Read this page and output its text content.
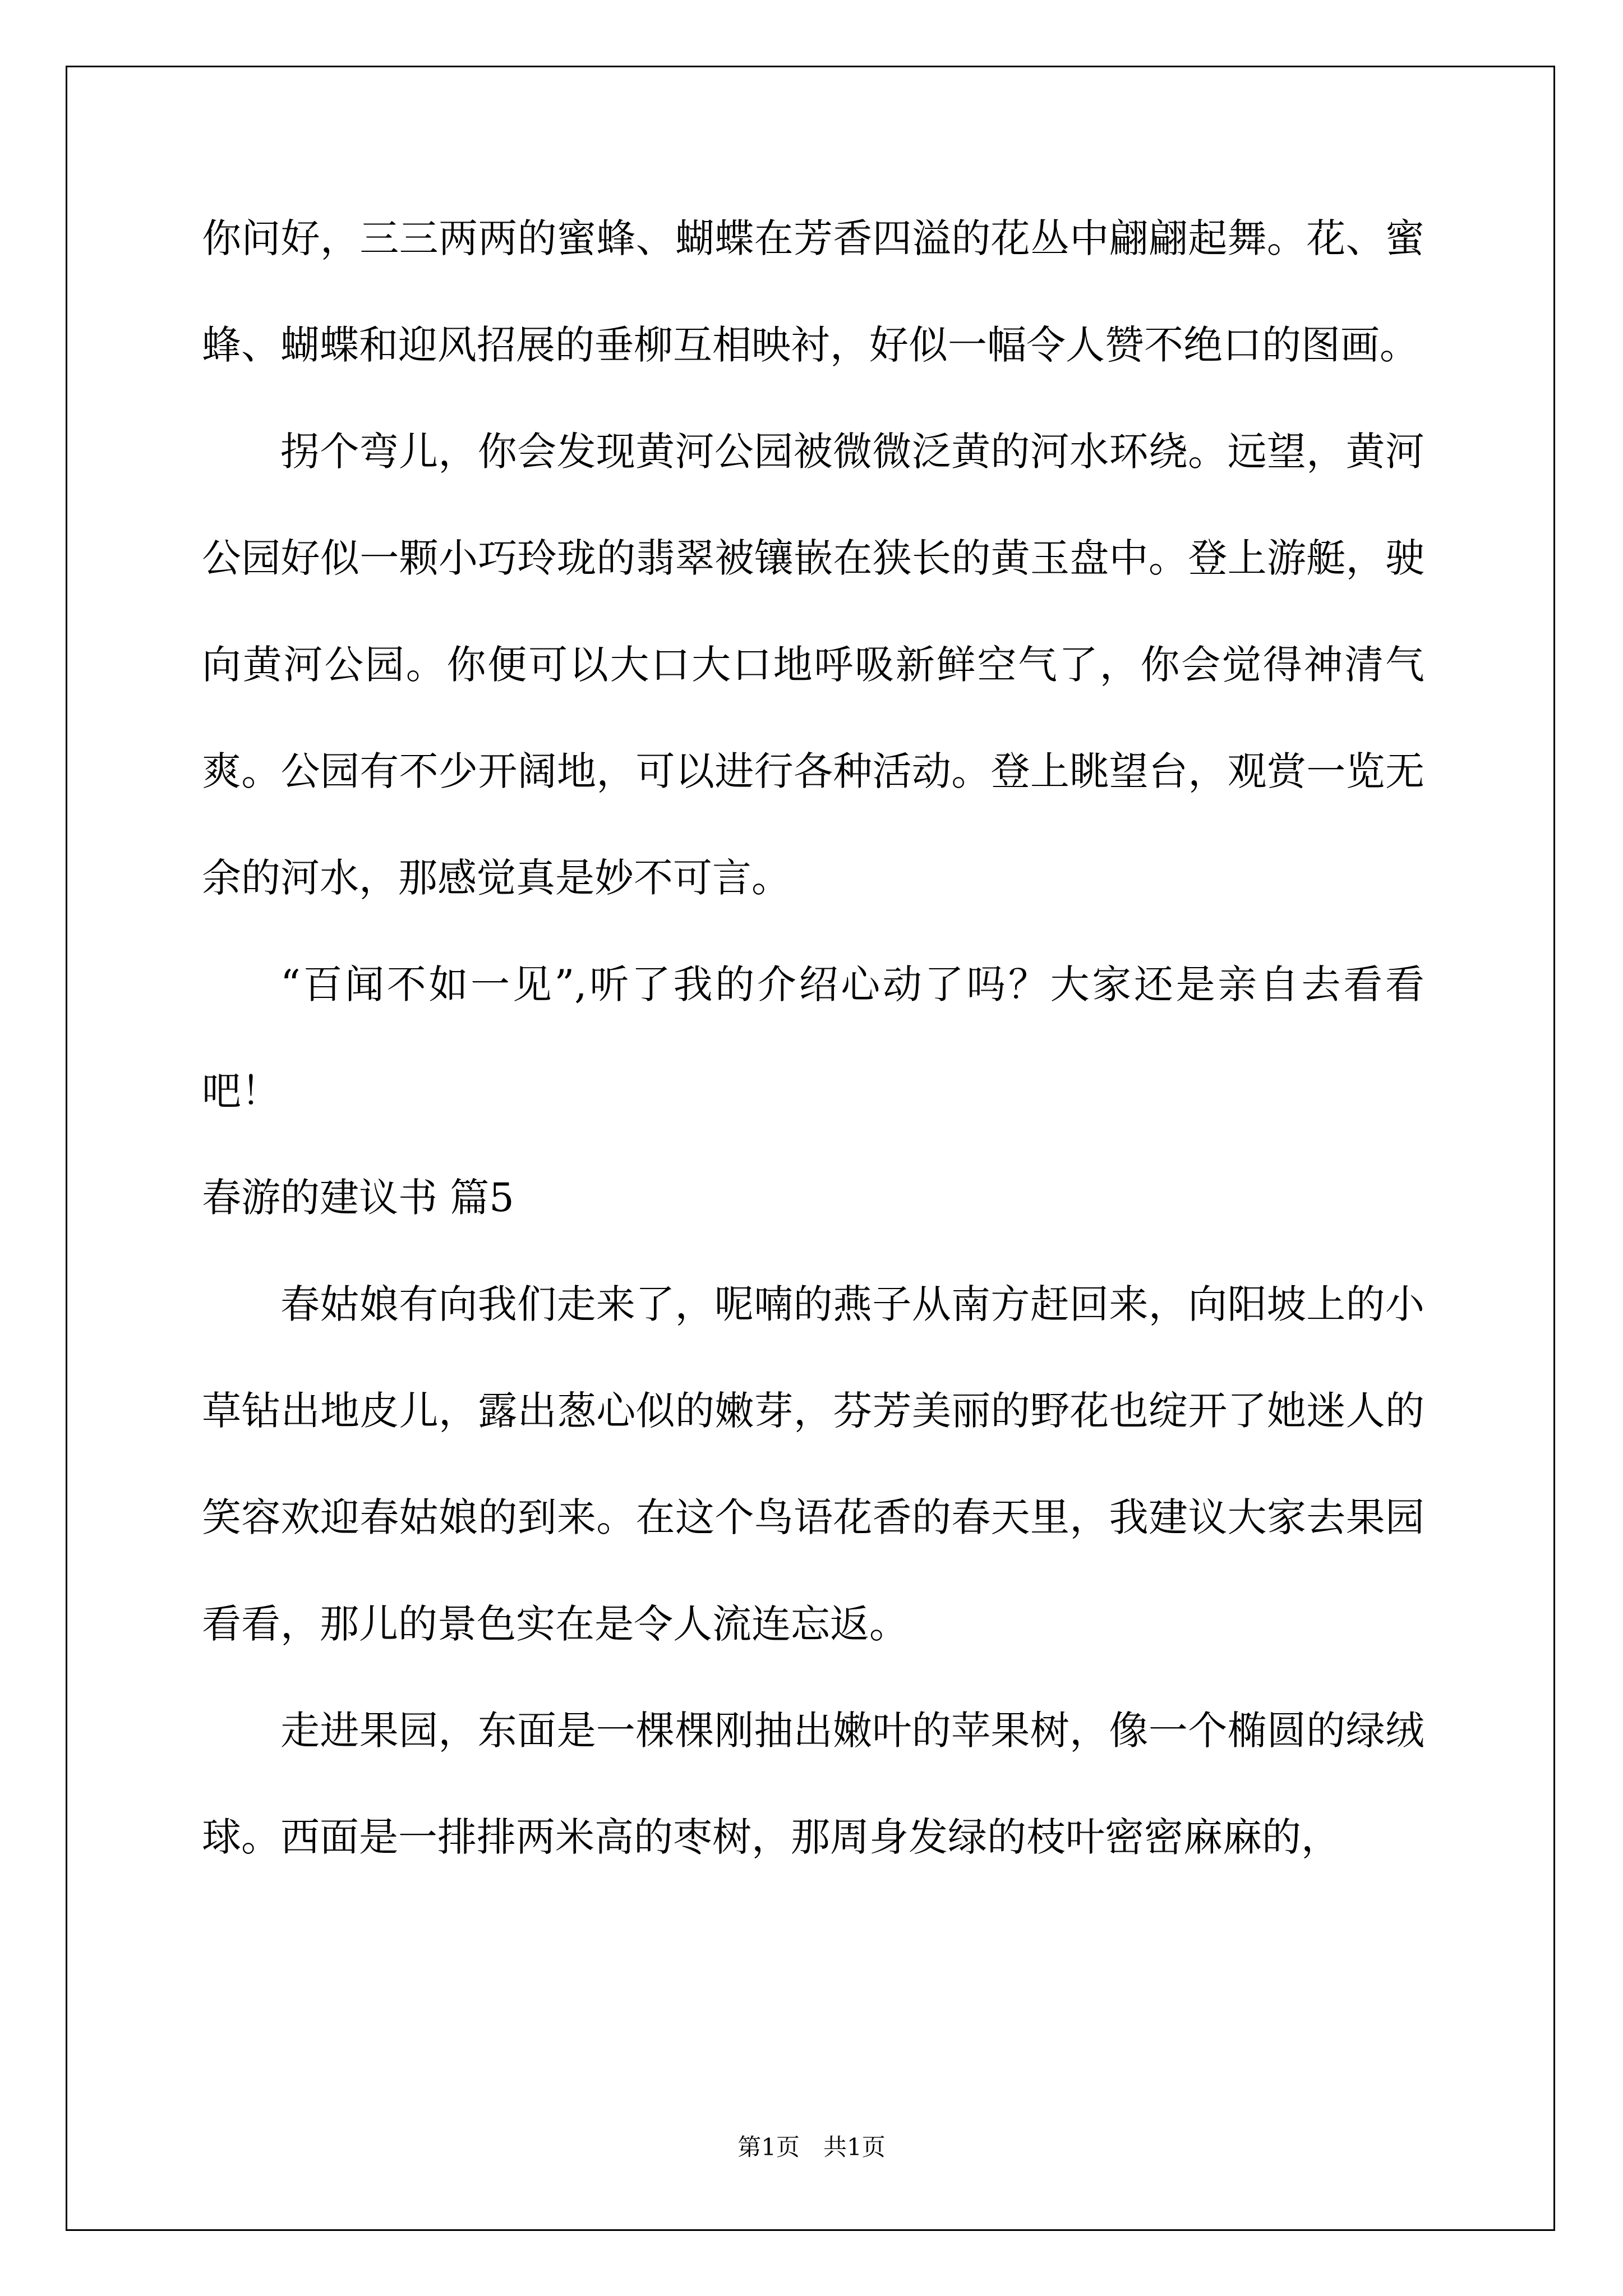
你问好，三三两两的蜜蜂、蝴蝶在芳香四溢的花丛中翩翩起舞。花、蜜蜂、蝴蝶和迎风招展的垂柳互相映衬，好似一幅令人赞不绝口的图画。

拐个弯儿，你会发现黄河公园被微微泛黄的河水环绕。远望，黄河公园好似一颗小巧玲珑的翡翠被镶嵌在狭长的黄玉盘中。登上游艇，驶向黄河公园。你便可以大口大口地呼吸新鲜空气了，你会觉得神清气爽。公园有不少开阔地，可以进行各种活动。登上眺望台，观赏一览无余的河水，那感觉真是妙不可言。

“百闻不如一见”,听了我的介绍心动了吗？大家还是亲自去看看吧！

春游的建议书 篇5

春姑娘有向我们走来了，呢喃的燕子从南方赶回来，向阳坡上的小草钻出地皮儿，露出葱心似的嫩芽，芬芳美丽的野花也绽开了她迷人的笑容欢迎春姑娘的到来。在这个鸟语花香的春天里，我建议大家去果园看看，那儿的景色实在是令人流连忘返。

走进果园，东面是一棵棵刚抽出嫩叶的苹果树，像一个椭圆的绿绒球。西面是一排排两米高的枣树，那周身发绿的枝叶密密麻麻的，

第1页　共1页
